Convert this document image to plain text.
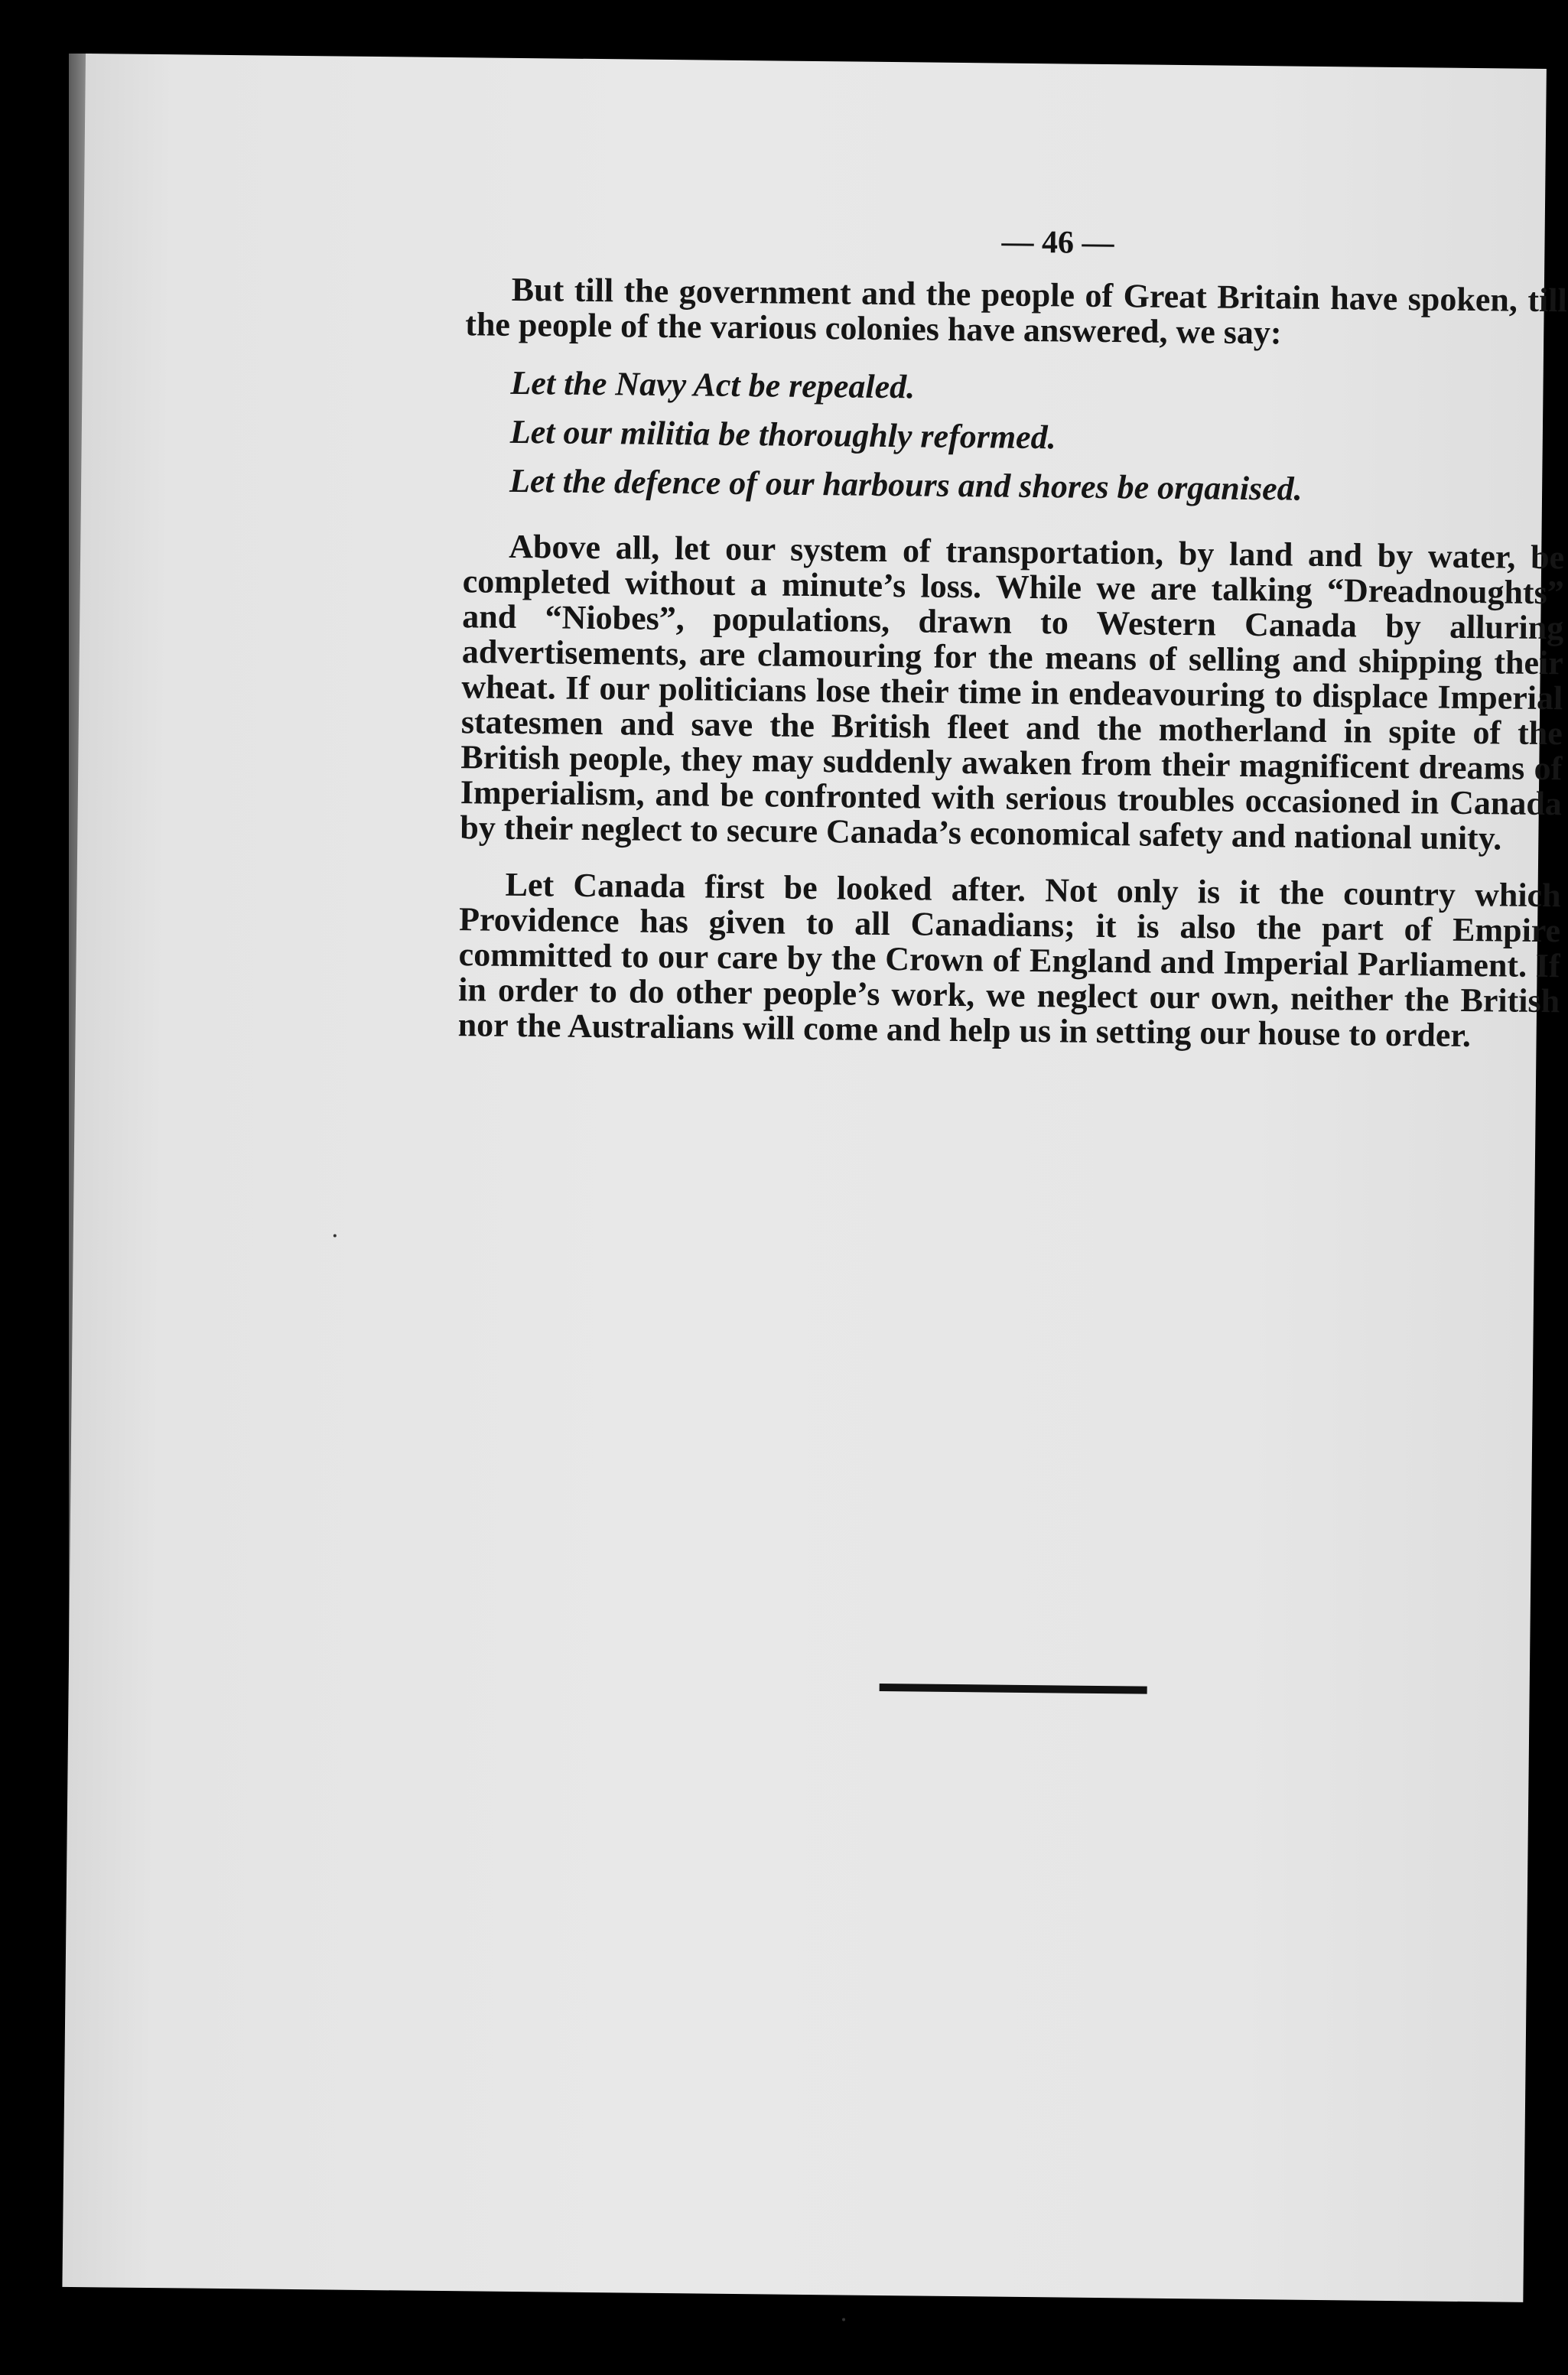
— 46 —

But till the government and the people of Great Britain have spoken, till the people of the various colonies have answered, we say:

Let the Navy Act be repealed.

Let our militia be thoroughly reformed.

Let the defence of our harbours and shores be organised.

Above all, let our system of transportation, by land and by water, be completed without a minute’s loss. While we are talking “Dreadnoughts” and “Niobes”, populations, drawn to Western Canada by alluring advertisements, are clamouring for the means of selling and shipping their wheat. If our politicians lose their time in endeavouring to displace Imperial statesmen and save the British fleet and the motherland in spite of the British people, they may suddenly awaken from their magnificent dreams of Imperialism, and be confronted with serious troubles occasioned in Canada by their neglect to secure Canada’s economical safety and national unity.

Let Canada first be looked after. Not only is it the country which Providence has given to all Canadians; it is also the part of Empire committed to our care by the Crown of England and Imperial Parliament. If in order to do other people’s work, we neglect our own, neither the British nor the Australians will come and help us in setting our house to order.
